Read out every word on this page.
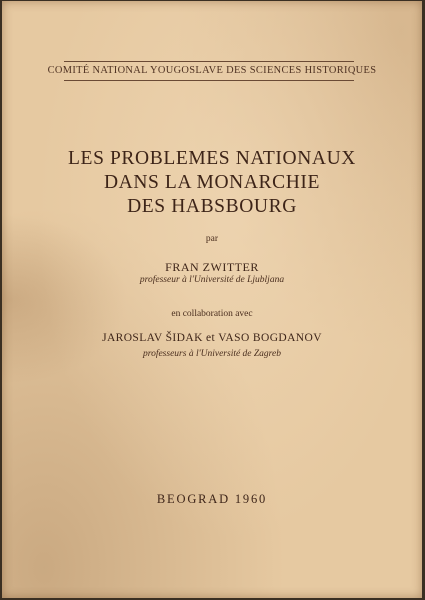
COMITÉ NATIONAL YOUGOSLAVE DES SCIENCES HISTORIQUES
LES PROBLEMES NATIONAUX
DANS LA MONARCHIE
DES HABSBOURG
par
FRAN ZWITTER
professeur à l'Université de Ljubljana
en collaboration avec
JAROSLAV ŠIDAK et VASO BOGDANOV
professeurs à l'Université de Zagreb
BEOGRAD 1960
